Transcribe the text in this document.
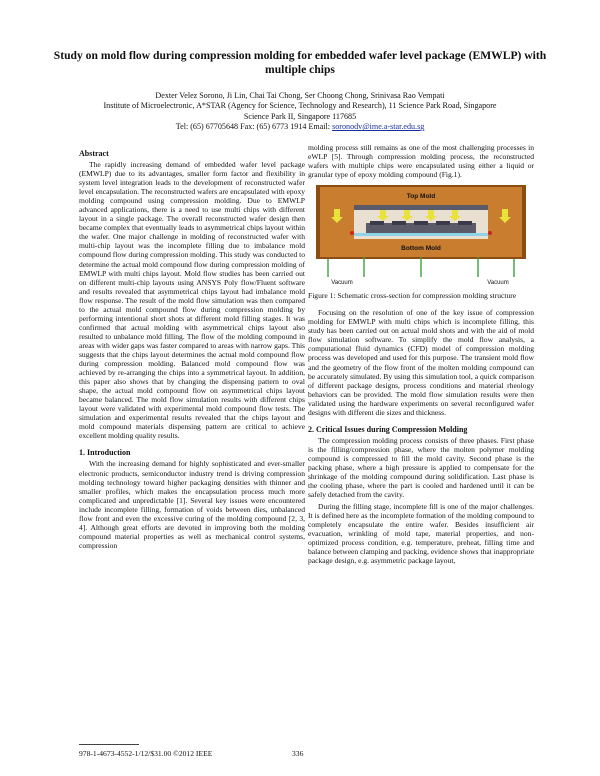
Study on mold flow during compression molding for embedded wafer level package (EMWLP) with multiple chips
Dexter Velez Sorono, Ji Lin, Chai Tai Chong, Ser Choong Chong, Srinivasa Rao Vempati
Institute of Microelectronic, A*STAR (Agency for Science, Technology and Research), 11 Science Park Road, Singapore
Science Park II, Singapore 117685
Tel: (65) 67705648 Fax: (65) 6773 1914 Email: soronodv@ime.a-star.edu.sg
Abstract

The rapidly increasing demand of embedded wafer level package (EMWLP) due to its advantages, smaller form factor and flexibility in system level integration leads to the development of reconstructed wafer level encapsulation. The reconstructed wafers are encapsulated with epoxy molding compound using compression molding. Due to EMWLP advanced applications, there is a need to use multi chips with different layout in a single package. The overall reconstructed wafer design then became complex that eventually leads to asymmetrical chips layout within the wafer. One major challenge in molding of reconstructed wafer with multi-chip layout was the incomplete filling due to imbalance mold compound flow during compression molding. This study was conducted to determine the actual mold compound flow during compression molding of EMWLP with multi chips layout. Mold flow studies has been carried out on different multi-chip layouts using ANSYS Poly flow/Fluent software and results revealed that asymmetrical chips layout had imbalance mold flow response. The result of the mold flow simulation was then compared to the actual mold compound flow during compression molding by performing intentional short shots at different mold filling stages. It was confirmed that actual molding with asymmetrical chips layout also resulted to unbalance mold filling. The flow of the molding compound in areas with wider gaps was faster compared to areas with narrow gaps. This suggests that the chips layout determines the actual mold compound flow during compression molding. Balanced mold compound flow was achieved by re-arranging the chips into a symmetrical layout. In addition, this paper also shows that by changing the dispensing pattern to oval shape, the actual mold compound flow on asymmetrical chips layout became balanced. The mold flow simulation results with different chips layout were validated with experimental mold compound flow tests. The simulation and experimental results revealed that the chips layout and mold compound materials dispensing pattern are critical to achieve excellent molding quality results.

1. Introduction

With the increasing demand for highly sophisticated and ever-smaller electronic products, semiconductor industry trend is driving compression molding technology toward higher packaging densities with thinner and smaller profiles, which makes the encapsulation process much more complicated and unpredictable [1]. Several key issues were encountered include incomplete filling, formation of voids between dies, unbalanced flow front and even the excessive curing of the molding compound [2, 3, 4]. Although great efforts are devoted in improving both the molding compound material properties as well as mechanical control systems, compression

molding process still remains as one of the most challenging processes in eWLP [5]. Through compression molding process, the reconstructed wafers with multiple chips were encapsulated using either a liquid or granular type of epoxy molding compound (Fig.1).

Top Mold
Bottom Mold
Vacuum	Vacuum

Figure 1: Schematic cross-section for compression molding structure

Focusing on the resolution of one of the key issue of compression molding for EMWLP with multi chips which is incomplete filling, this study has been carried out on actual mold shots and with the aid of mold flow simulation software. To simplify the mold flow analysis, a computational fluid dynamics (CFD) model of compression molding process was developed and used for this purpose. The transient mold flow and the geometry of the flow front of the molten molding compound can be accurately simulated. By using this simulation tool, a quick comparison of different package designs, process conditions and material rheology behaviors can be provided. The mold flow simulation results were then validated using the hardware experiments on several reconfigured wafer designs with different die sizes and thickness.

2. Critical Issues during Compression Molding

The compression molding process consists of three phases. First phase is the filling/compression phase, where the molten polymer molding compound is compressed to fill the mold cavity. Second phase is the packing phase, where a high pressure is applied to compensate for the shrinkage of the molding compound during solidification. Last phase is the cooling phase, where the part is cooled and hardened until it can be safely detached from the cavity.

During the filling stage, incomplete fill is one of the major challenges. It is defined here as the incomplete formation of the molding compound to completely encapsulate the entire wafer. Besides insufficient air evacuation, wrinkling of mold tape, material properties, and non-optimized process condition, e.g. temperature, preheat, filling time and balance between clamping and packing, evidence shows that inappropriate package design, e.g. asymmetric package layout,

978-1-4673-4552-1/12/$31.00 ©2012 IEEE	336
